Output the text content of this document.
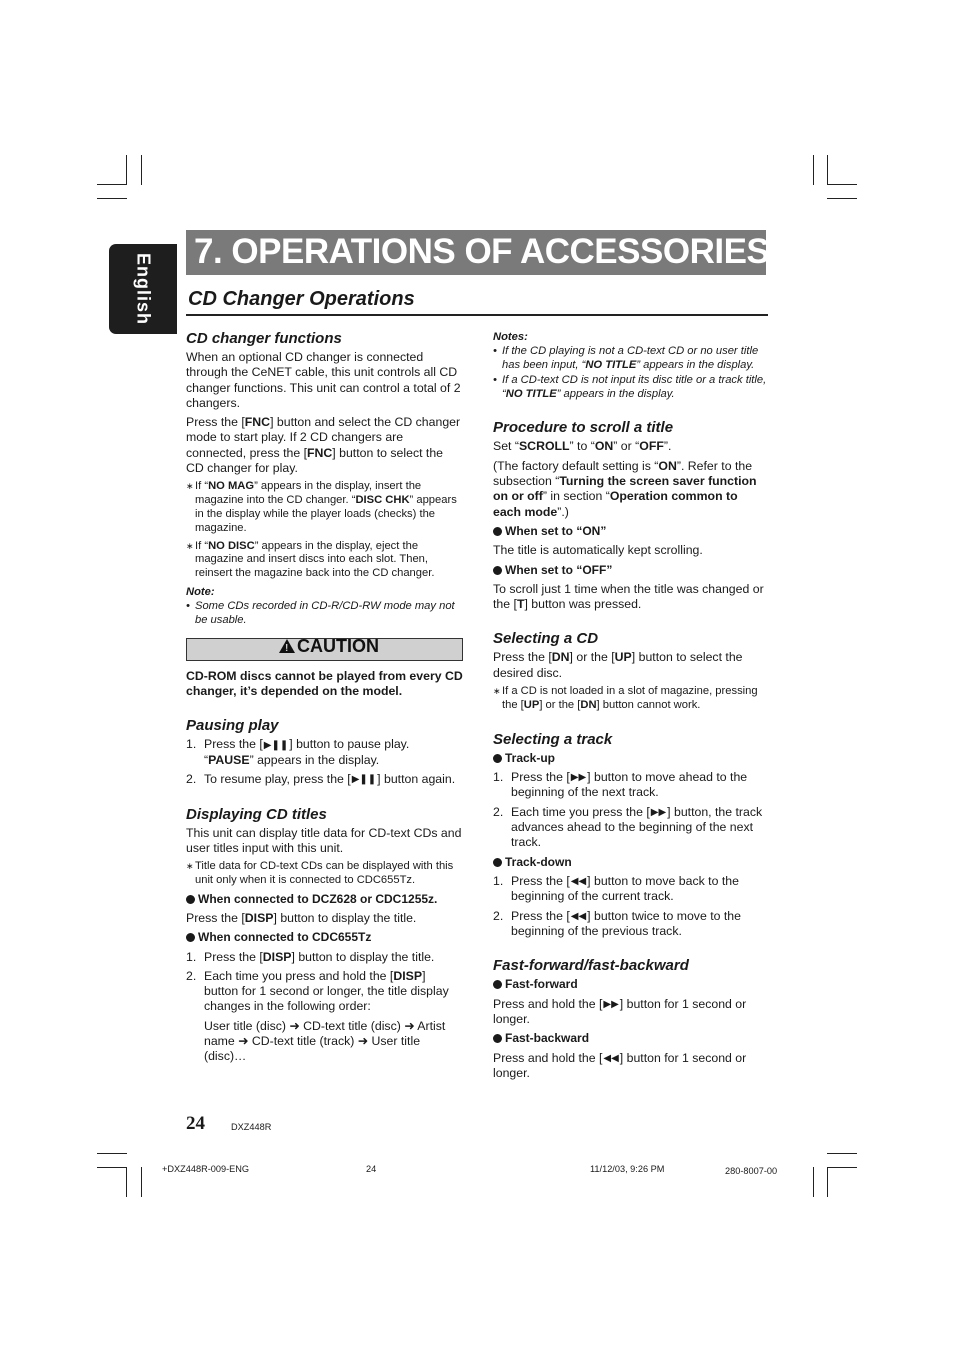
English
7. OPERATIONS OF ACCESSORIES
CD Changer Operations
CD changer functions

When an optional CD changer is connected through the CeNET cable, this unit controls all CD changer functions. This unit can control a total of 2 changers.

Press the [FNC] button and select the CD changer mode to start play. If 2 CD changers are connected, press the [FNC] button to select the CD changer for play.

∗ If “NO MAG” appears in the display, insert the magazine into the CD changer. “DISC CHK” appears in the display while the player loads (checks) the magazine.
∗ If “NO DISC” appears in the display, eject the magazine and insert discs into each slot. Then, reinsert the magazine back into the CD changer.
Note:
• Some CDs recorded in CD-R/CD-RW mode may not be usable.
!
CAUTION

CD-ROM discs cannot be played from every CD changer, it’s depended on the model.

Pausing play
1. Press the [▶❚❚] button to pause play.
“PAUSE” appears in the display.
2. To resume play, press the [▶❚❚] button again.
Displaying CD titles

This unit can display title data for CD-text CDs and user titles input with this unit.

∗ Title data for CD-text CDs can be displayed with this unit only when it is connected to CDC655Tz.
When connected to DCZ628 or CDC1255z.

Press the [DISP] button to display the title.

When connected to CDC655Tz
1. Press the [DISP] button to display the title.
2. Each time you press and hold the [DISP] button for 1 second or longer, the title display changes in the following order:
User title (disc) ➜ CD-text title (disc) ➜ Artist name ➜ CD-text title (track) ➜ User title (disc)…
Notes:
• If the CD playing is not a CD-text CD or no user title has been input, “NO TITLE” appears in the display.
• If a CD-text CD is not input its disc title or a track title, “NO TITLE” appears in the display.
Procedure to scroll a title

Set “SCROLL” to “ON” or “OFF”.

(The factory default setting is “ON”. Refer to the subsection “Turning the screen saver function on or off” in section “Operation common to each mode”.)

When set to “ON”

The title is automatically kept scrolling.

When set to “OFF”

To scroll just 1 time when the title was changed or the [T] button was pressed.

Selecting a CD

Press the [DN] or the [UP] button to select the desired disc.

∗ If a CD is not loaded in a slot of magazine, pressing the [UP] or the [DN] button cannot work.
Selecting a track
Track-up
1. Press the [▶▶] button to move ahead to the beginning of the next track.
2. Each time you press the [▶▶] button, the track advances ahead to the beginning of the next track.
Track-down
1. Press the [◀◀] button to move back to the beginning of the current track.
2. Press the [◀◀] button twice to move to the beginning of the previous track.
Fast-forward/fast-backward
Fast-forward

Press and hold the [▶▶] button for 1 second or longer.

Fast-backward

Press and hold the [◀◀] button for 1 second or longer.

24	DXZ448R
+DXZ448R-009-ENG	24	11/12/03, 9:26 PM	280-8007-00
